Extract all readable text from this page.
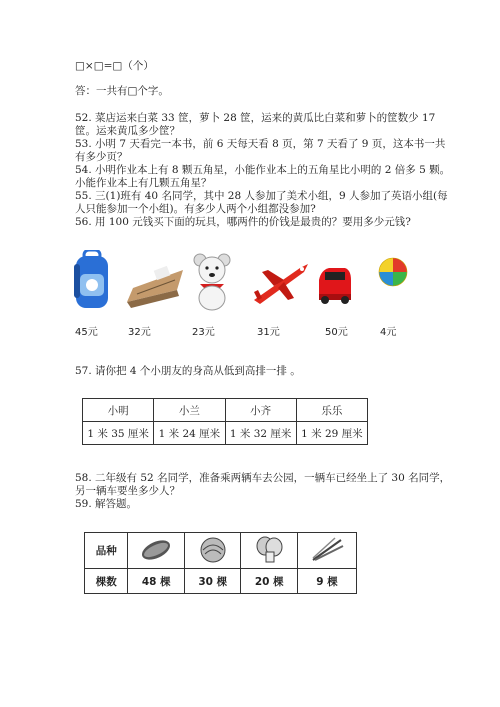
□×□=□（个）
答：一共有□个字。
52. 菜店运来白菜 33 筐，萝卜 28 筐，运来的黄瓜比白菜和萝卜的筐数少 17
筐。运来黄瓜多少筐？
53. 小明 7 天看完一本书，前 6 天每天看 8 页，第 7 天看了 9 页，这本书一共
有多少页？
54. 小明作业本上有 8 颗五角星，小能作业本上的五角星比小明的 2 倍多 5 颗。
小能作业本上有几颗五角星？
55. 三(1)班有 40 名同学，其中 28 人参加了美术小组，9 人参加了英语小组(每
人只能参加一个小组)。有多少人两个小组都没参加?
56. 用 100 元钱买下面的玩具，哪两件的价钱是最贵的？要用多少元钱?
45元	32元	23元	31元	50元	4元
57. 请你把 4 个小朋友的身高从低到高排一排 。
小明	小兰	小齐	乐乐
1 米 35 厘米	1 米 24 厘米	1 米 32 厘米	1 米 29 厘米
58. 二年级有 52 名同学，准备乘两辆车去公园，一辆车已经坐上了 30 名同学，
另一辆车要坐多少人？
59. 解答题。
品种				
棵数	48 棵	30 棵	20 棵	9 棵
